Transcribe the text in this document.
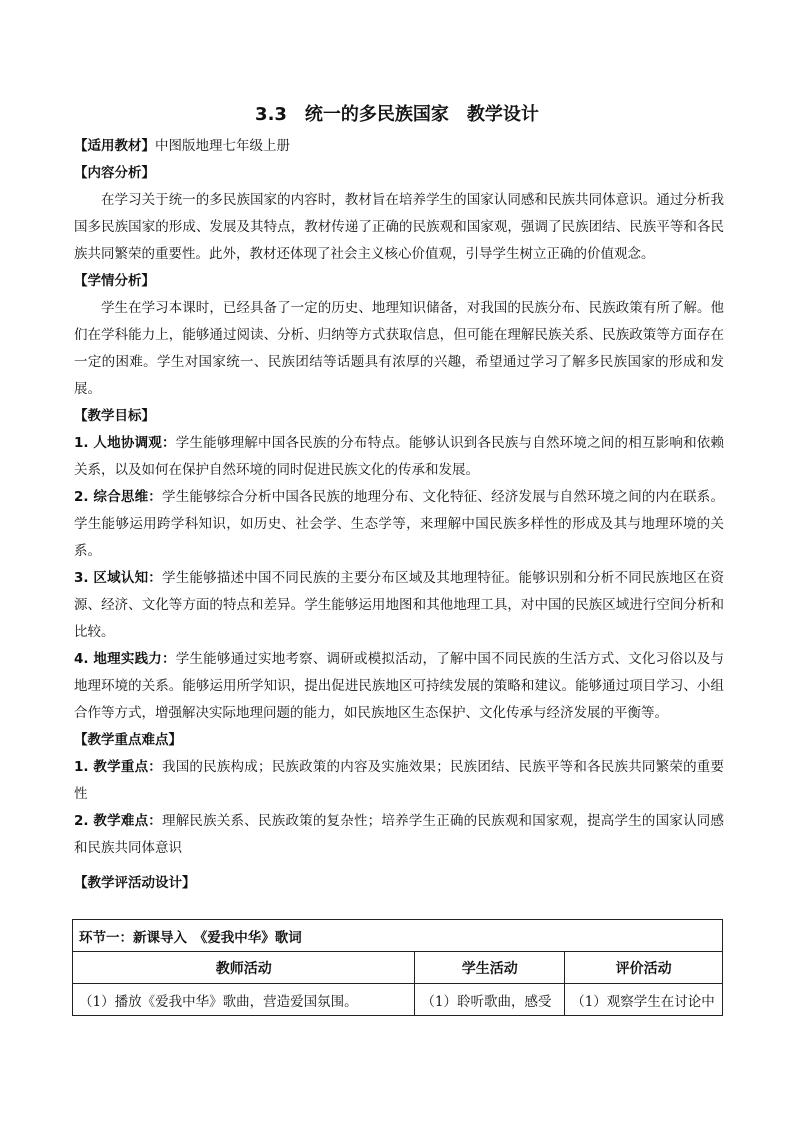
3.3　统一的多民族国家　教学设计

【适用教材】中图版地理七年级上册

【内容分析】

在学习关于统一的多民族国家的内容时，教材旨在培养学生的国家认同感和民族共同体意识。通过分析我国多民族国家的形成、发展及其特点，教材传递了正确的民族观和国家观，强调了民族团结、民族平等和各民族共同繁荣的重要性。此外，教材还体现了社会主义核心价值观，引导学生树立正确的价值观念。

【学情分析】

学生在学习本课时，已经具备了一定的历史、地理知识储备，对我国的民族分布、民族政策有所了解。他们在学科能力上，能够通过阅读、分析、归纳等方式获取信息，但可能在理解民族关系、民族政策等方面存在一定的困难。学生对国家统一、民族团结等话题具有浓厚的兴趣，希望通过学习了解多民族国家的形成和发展。

【教学目标】

1. 人地协调观：学生能够理解中国各民族的分布特点。能够认识到各民族与自然环境之间的相互影响和依赖关系，以及如何在保护自然环境的同时促进民族文化的传承和发展。

2. 综合思维：学生能够综合分析中国各民族的地理分布、文化特征、经济发展与自然环境之间的内在联系。学生能够运用跨学科知识，如历史、社会学、生态学等，来理解中国民族多样性的形成及其与地理环境的关系。

3. 区域认知：学生能够描述中国不同民族的主要分布区域及其地理特征。能够识别和分析不同民族地区在资源、经济、文化等方面的特点和差异。学生能够运用地图和其他地理工具，对中国的民族区域进行空间分析和比较。

4. 地理实践力：学生能够通过实地考察、调研或模拟活动，了解中国不同民族的生活方式、文化习俗以及与地理环境的关系。能够运用所学知识，提出促进民族地区可持续发展的策略和建议。能够通过项目学习、小组合作等方式，增强解决实际地理问题的能力，如民族地区生态保护、文化传承与经济发展的平衡等。

【教学重点难点】

1. 教学重点：我国的民族构成；民族政策的内容及实施效果；民族团结、民族平等和各民族共同繁荣的重要性

2. 教学难点：理解民族关系、民族政策的复杂性；培养学生正确的民族观和国家观，提高学生的国家认同感和民族共同体意识

【教学评活动设计】

环节一：新课导入　《爱我中华》歌词		
教师活动	学生活动	评价活动
（1）播放《爱我中华》歌曲，营造爱国氛围。	（1）聆听歌曲，感受	（1）观察学生在讨论中
